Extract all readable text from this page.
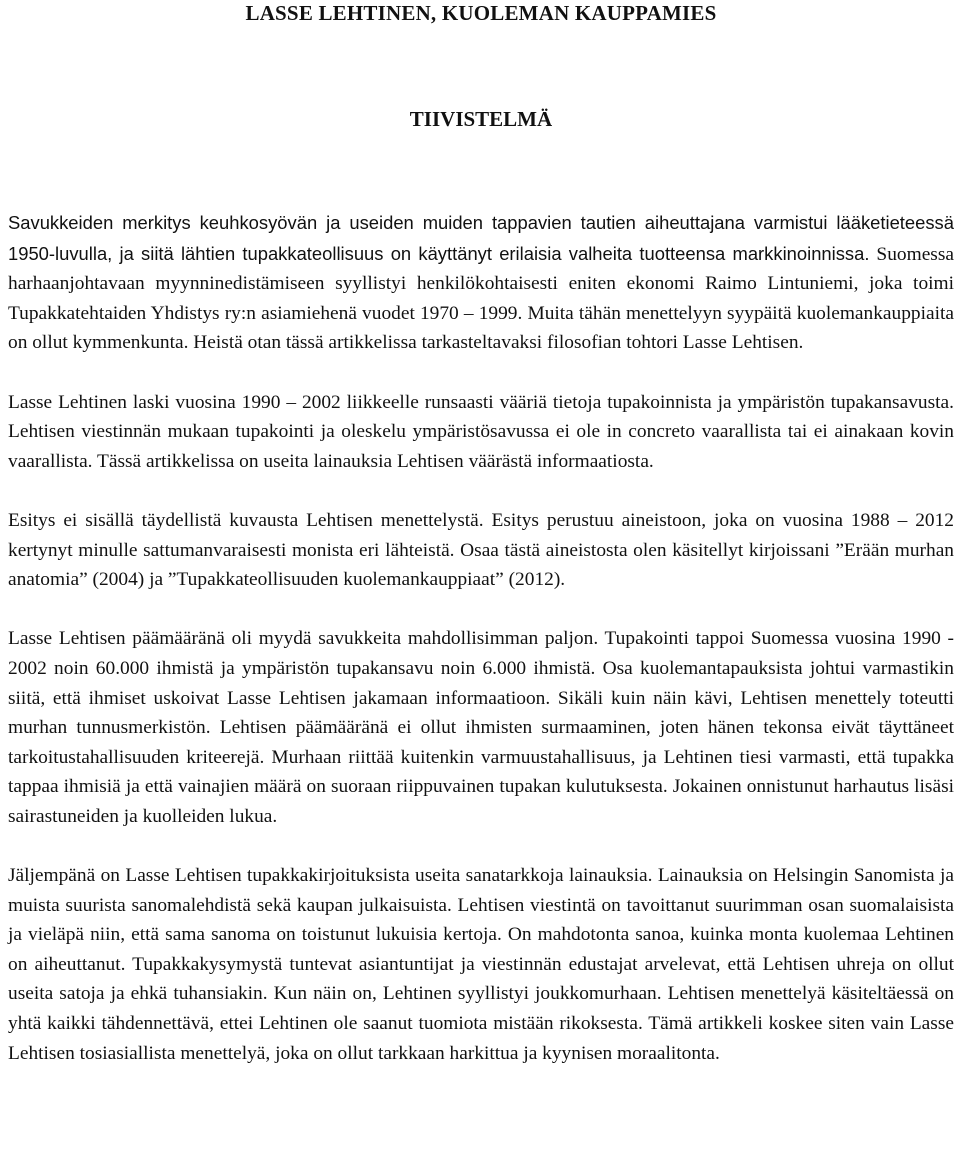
LASSE LEHTINEN, KUOLEMAN KAUPPAMIES
TIIVISTELMÄ

Savukkeiden merkitys keuhkosyövän ja useiden muiden tappavien tautien aiheuttajana varmistui lääketieteessä 1950-luvulla, ja siitä lähtien tupakkateollisuus on käyttänyt erilaisia valheita tuotteensa markkinoinnissa. Suomessa harhaanjohtavaan myynninedistämiseen syyllistyi henkilökohtaisesti eniten ekonomi Raimo Lintuniemi, joka toimi Tupakkatehtaiden Yhdistys ry:n asiamiehenä vuodet 1970 – 1999. Muita tähän menettelyyn syypäitä kuolemankauppiaita on ollut kymmenkunta. Heistä otan tässä artikkelissa tarkasteltavaksi filosofian tohtori Lasse Lehtisen.

Lasse Lehtinen laski vuosina 1990 – 2002 liikkeelle runsaasti vääriä tietoja tupakoinnista ja ympäristön tupakansavusta. Lehtisen viestinnän mukaan tupakointi ja oleskelu ympäristösavussa ei ole in concreto vaarallista tai ei ainakaan kovin vaarallista. Tässä artikkelissa on useita lainauksia Lehtisen väärästä informaatiosta.

Esitys ei sisällä täydellistä kuvausta Lehtisen menettelystä. Esitys perustuu aineistoon, joka on vuosina 1988 – 2012 kertynyt minulle sattumanvaraisesti monista eri lähteistä. Osaa tästä aineistosta olen käsitellyt kirjoissani ”Erään murhan anatomia” (2004) ja ”Tupakkateollisuuden kuolemankauppiaat” (2012).

Lasse Lehtisen päämääränä oli myydä savukkeita mahdollisimman paljon. Tupakointi tappoi Suomessa vuosina 1990 - 2002 noin 60.000 ihmistä ja ympäristön tupakansavu noin 6.000 ihmistä. Osa kuolemantapauksista johtui varmastikin siitä, että ihmiset uskoivat Lasse Lehtisen jakamaan informaatioon. Sikäli kuin näin kävi, Lehtisen menettely toteutti murhan tunnusmerkistön. Lehtisen päämääränä ei ollut ihmisten surmaaminen, joten hänen tekonsa eivät täyttäneet tarkoitustahallisuuden kriteerejä. Murhaan riittää kuitenkin varmuustahallisuus, ja Lehtinen tiesi varmasti, että tupakka tappaa ihmisiä ja että vainajien määrä on suoraan riippuvainen tupakan kulutuksesta. Jokainen onnistunut harhautus lisäsi sairastuneiden ja kuolleiden lukua.

Jäljempänä on Lasse Lehtisen tupakkakirjoituksista useita sanatarkkoja lainauksia. Lainauksia on Helsingin Sanomista ja muista suurista sanomalehdistä sekä kaupan julkaisuista. Lehtisen viestintä on tavoittanut suurimman osan suomalaisista ja vieläpä niin, että sama sanoma on toistunut lukuisia kertoja. On mahdotonta sanoa, kuinka monta kuolemaa Lehtinen on aiheuttanut. Tupakkakysymystä tuntevat asiantuntijat ja viestinnän edustajat arvelevat, että Lehtisen uhreja on ollut useita satoja ja ehkä tuhansiakin. Kun näin on, Lehtinen syyllistyi joukkomurhaan. Lehtisen menettelyä käsiteltäessä on yhtä kaikki tähdennettävä, ettei Lehtinen ole saanut tuomiota mistään rikoksesta. Tämä artikkeli koskee siten vain Lasse Lehtisen tosiasiallista menettelyä, joka on ollut tarkkaan harkittua ja kyynisen moraalitonta.
